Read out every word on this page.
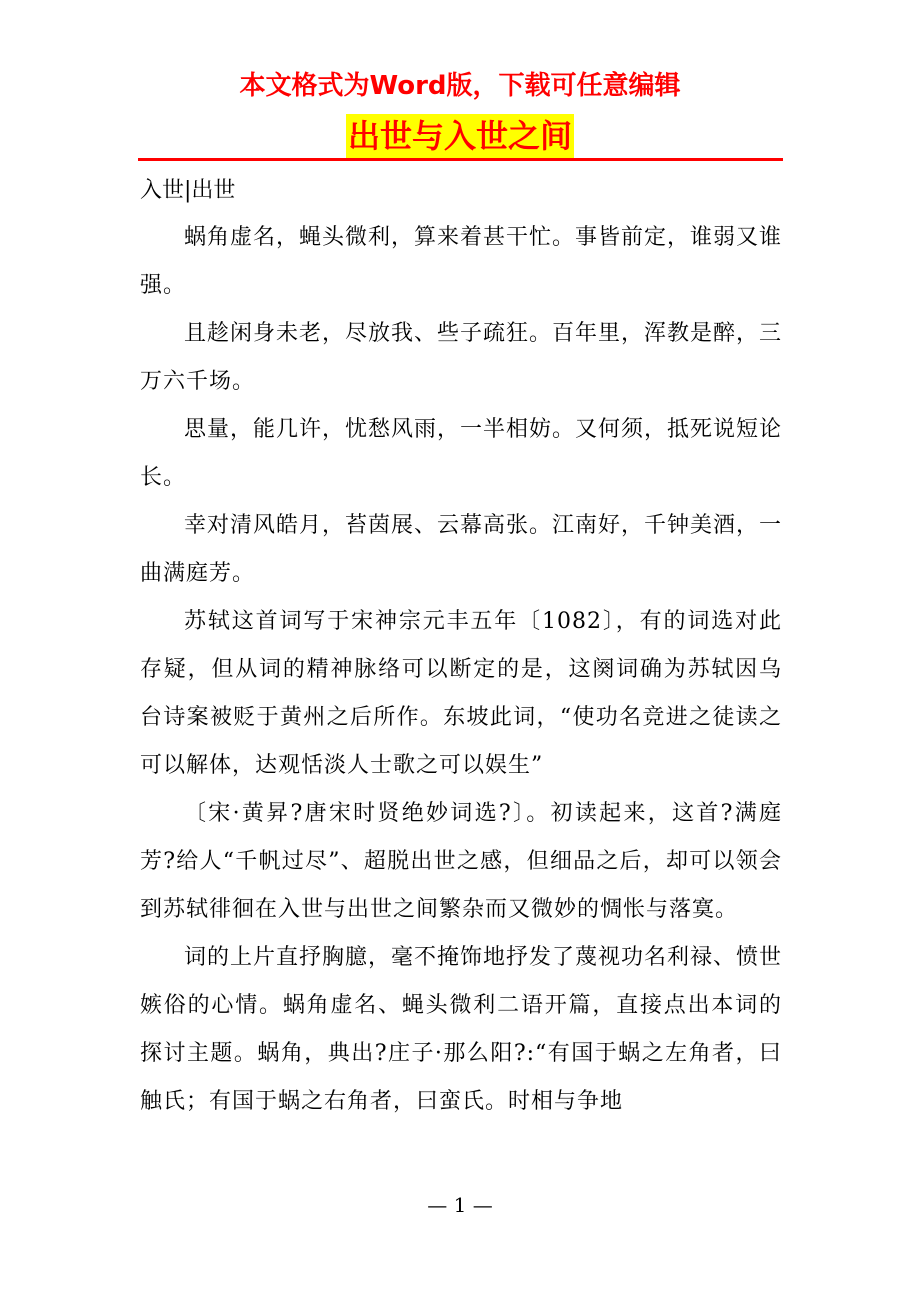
本文格式为Word版，下载可任意编辑
出世与入世之间

入世|出世

蜗角虚名，蝇头微利，算来着甚干忙。事皆前定，谁弱又谁强。

且趁闲身未老，尽放我、些子疏狂。百年里，浑教是醉，三万六千场。

思量，能几许，忧愁风雨，一半相妨。又何须，抵死说短论长。

幸对清风皓月，苔茵展、云幕高张。江南好，千钟美酒，一曲满庭芳。

苏轼这首词写于宋神宗元丰五年〔1082〕，有的词选对此存疑，但从词的精神脉络可以断定的是，这阕词确为苏轼因乌台诗案被贬于黄州之后所作。东坡此词，“使功名竞进之徒读之可以解体，达观恬淡人士歌之可以娱生”

〔宋·黄昇?唐宋时贤绝妙词选?〕。初读起来，这首?满庭芳?给人“千帆过尽”、超脱出世之感，但细品之后，却可以领会到苏轼徘徊在入世与出世之间繁杂而又微妙的惆怅与落寞。

词的上片直抒胸臆，毫不掩饰地抒发了蔑视功名利禄、愤世嫉俗的心情。蜗角虚名、蝇头微利二语开篇，直接点出本词的探讨主题。蜗角，典出?庄子·那么阳?:“有国于蜗之左角者，曰触氏；有国于蜗之右角者，曰蛮氏。时相与争地

— 1 —
